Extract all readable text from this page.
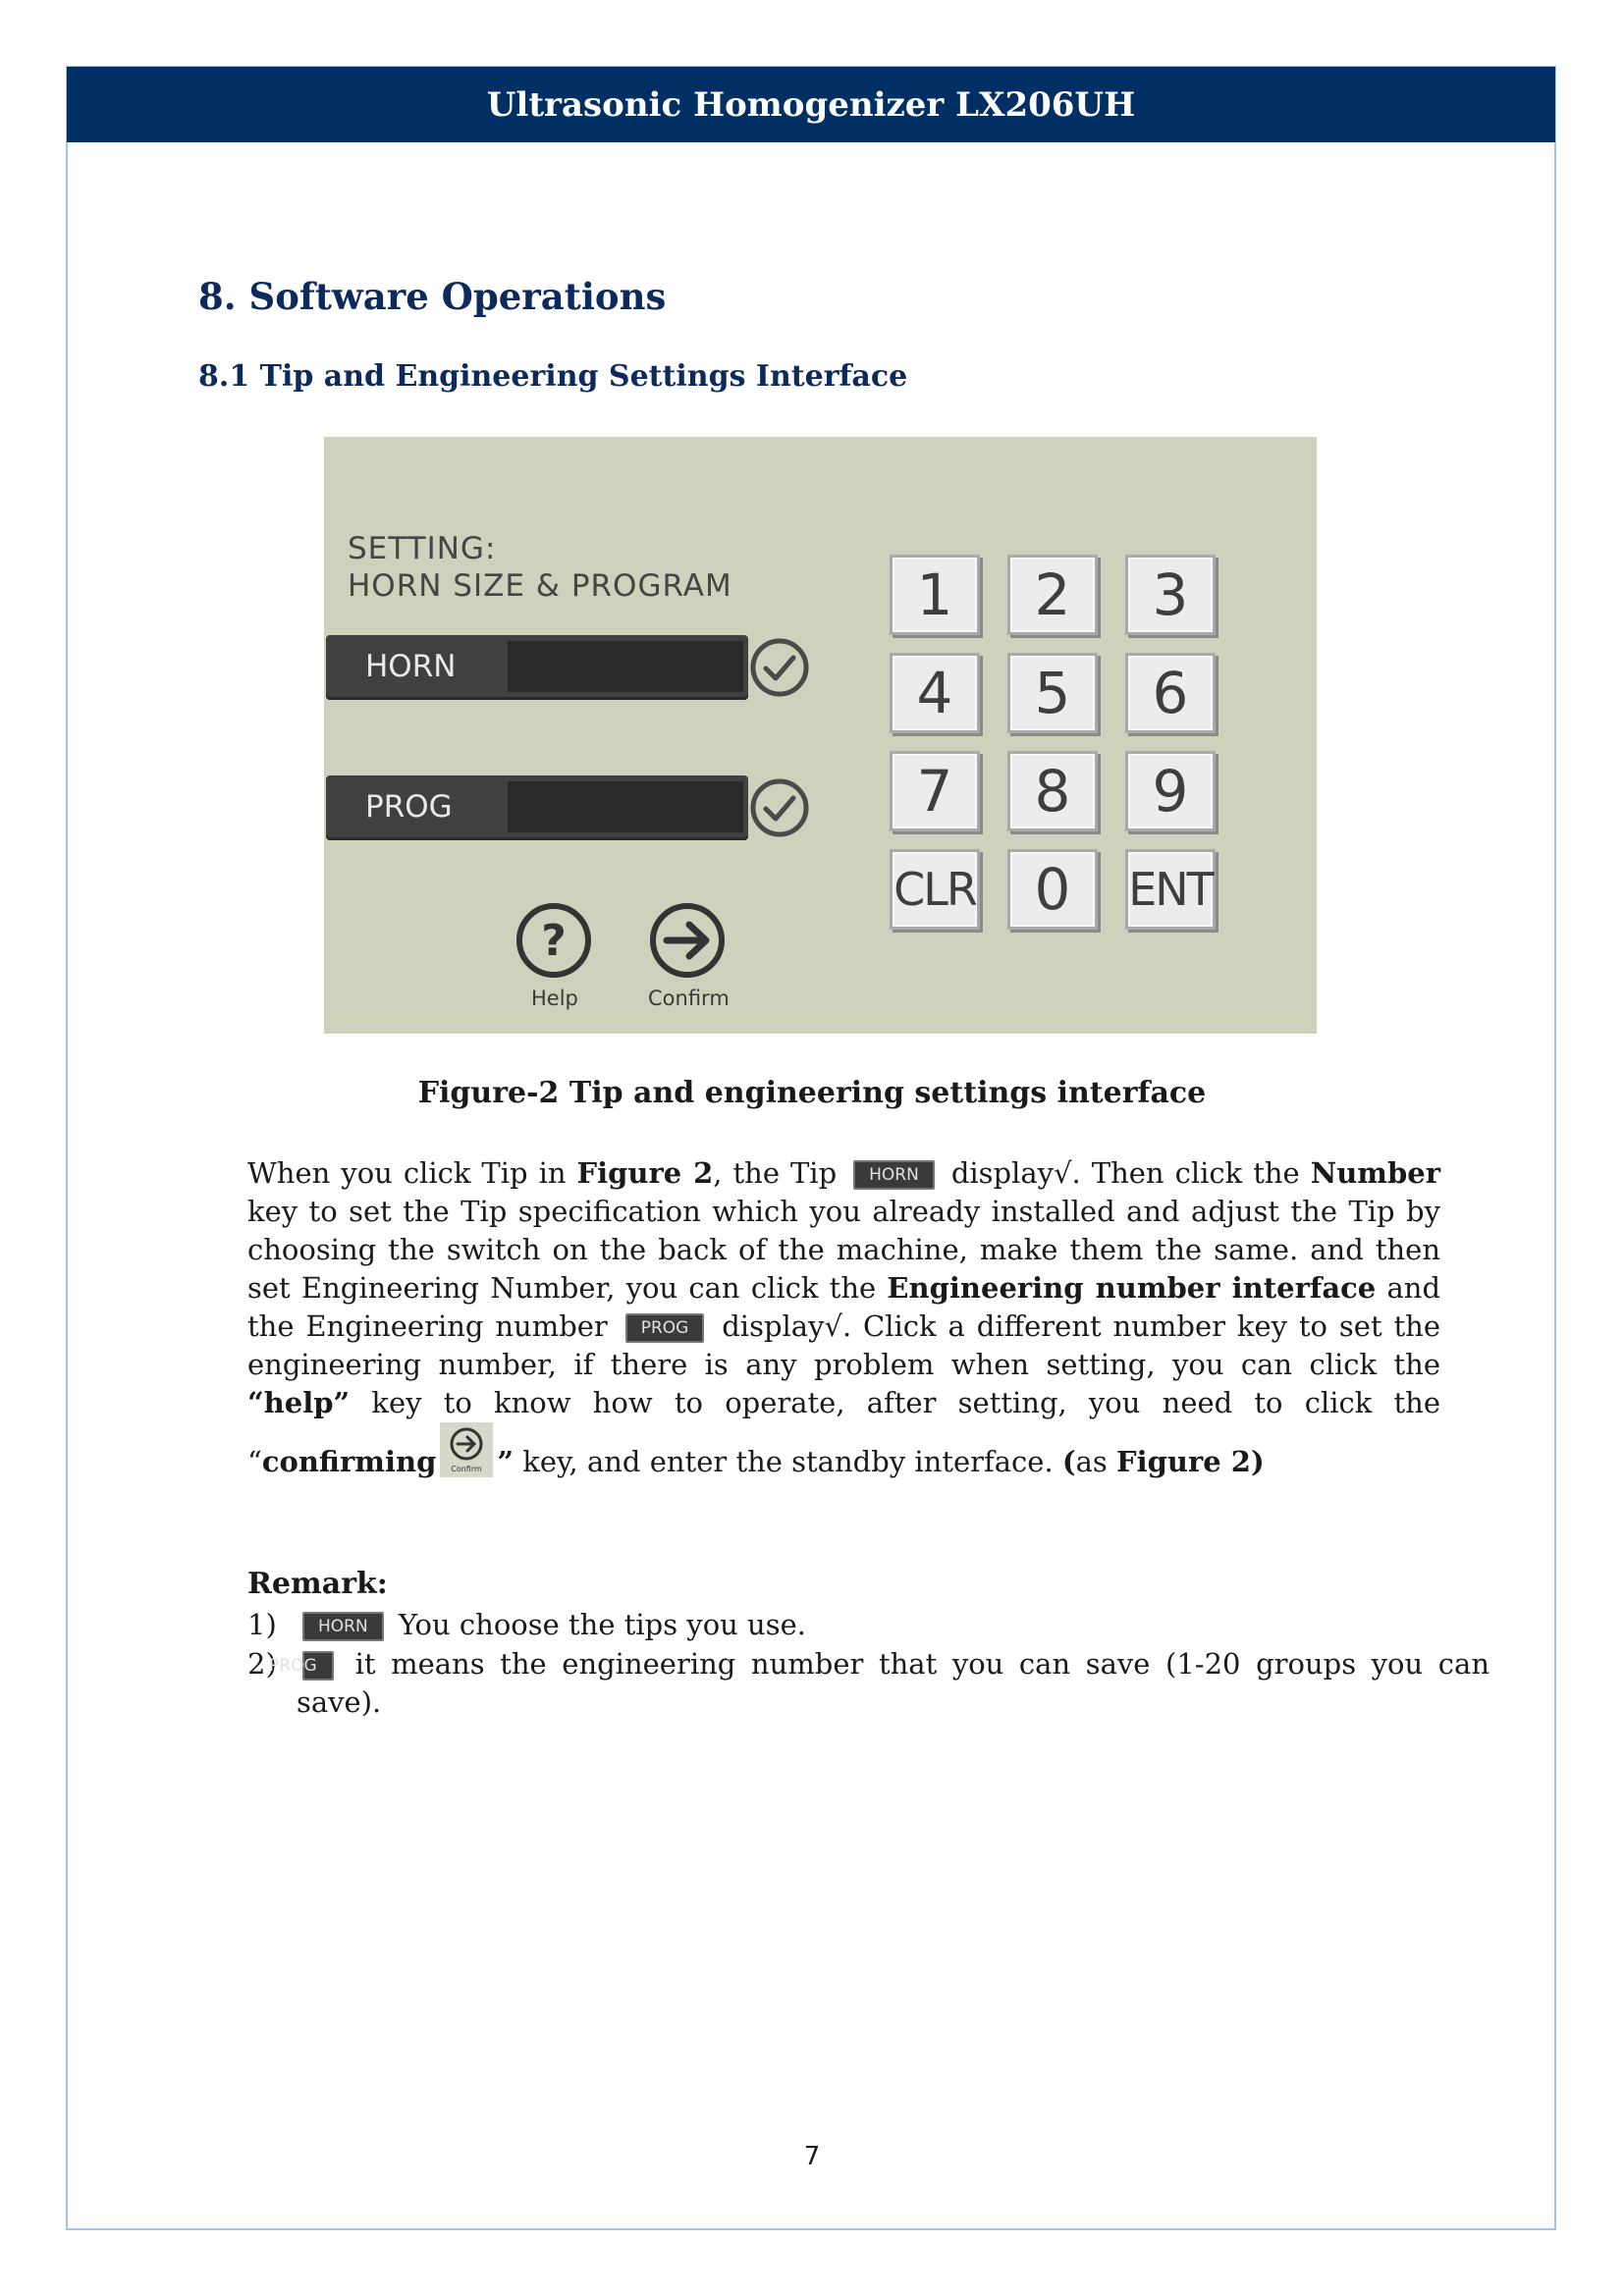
Ultrasonic Homogenizer LX206UH
8. Software Operations
8.1 Tip and Engineering Settings Interface
SETTING:
HORN SIZE & PROGRAM
HORN
PROG
1	2	3
4	5	6
7	8	9
CLR	0	ENT
?
Help	Confirm
Figure-2 Tip and engineering settings interface

When you click Tip in Figure 2, the Tip HORN display√. Then click the Number key to set the Tip specification which you already installed and adjust the Tip by choosing the switch on the back of the machine, make them the same. and then set Engineering Number, you can click the Engineering number interface and the Engineering number PROG display√. Click a different number key to set the engineering number, if there is any problem when setting, you can click the “help” key to know how to operate, after setting, you need to click the “confirming Confirm ” key, and enter the standby interface. (as Figure 2)

Remark:
1) HORN You choose the tips you use.
2)PROG it means the engineering number that you can save (1-20 groups you can save).
7
